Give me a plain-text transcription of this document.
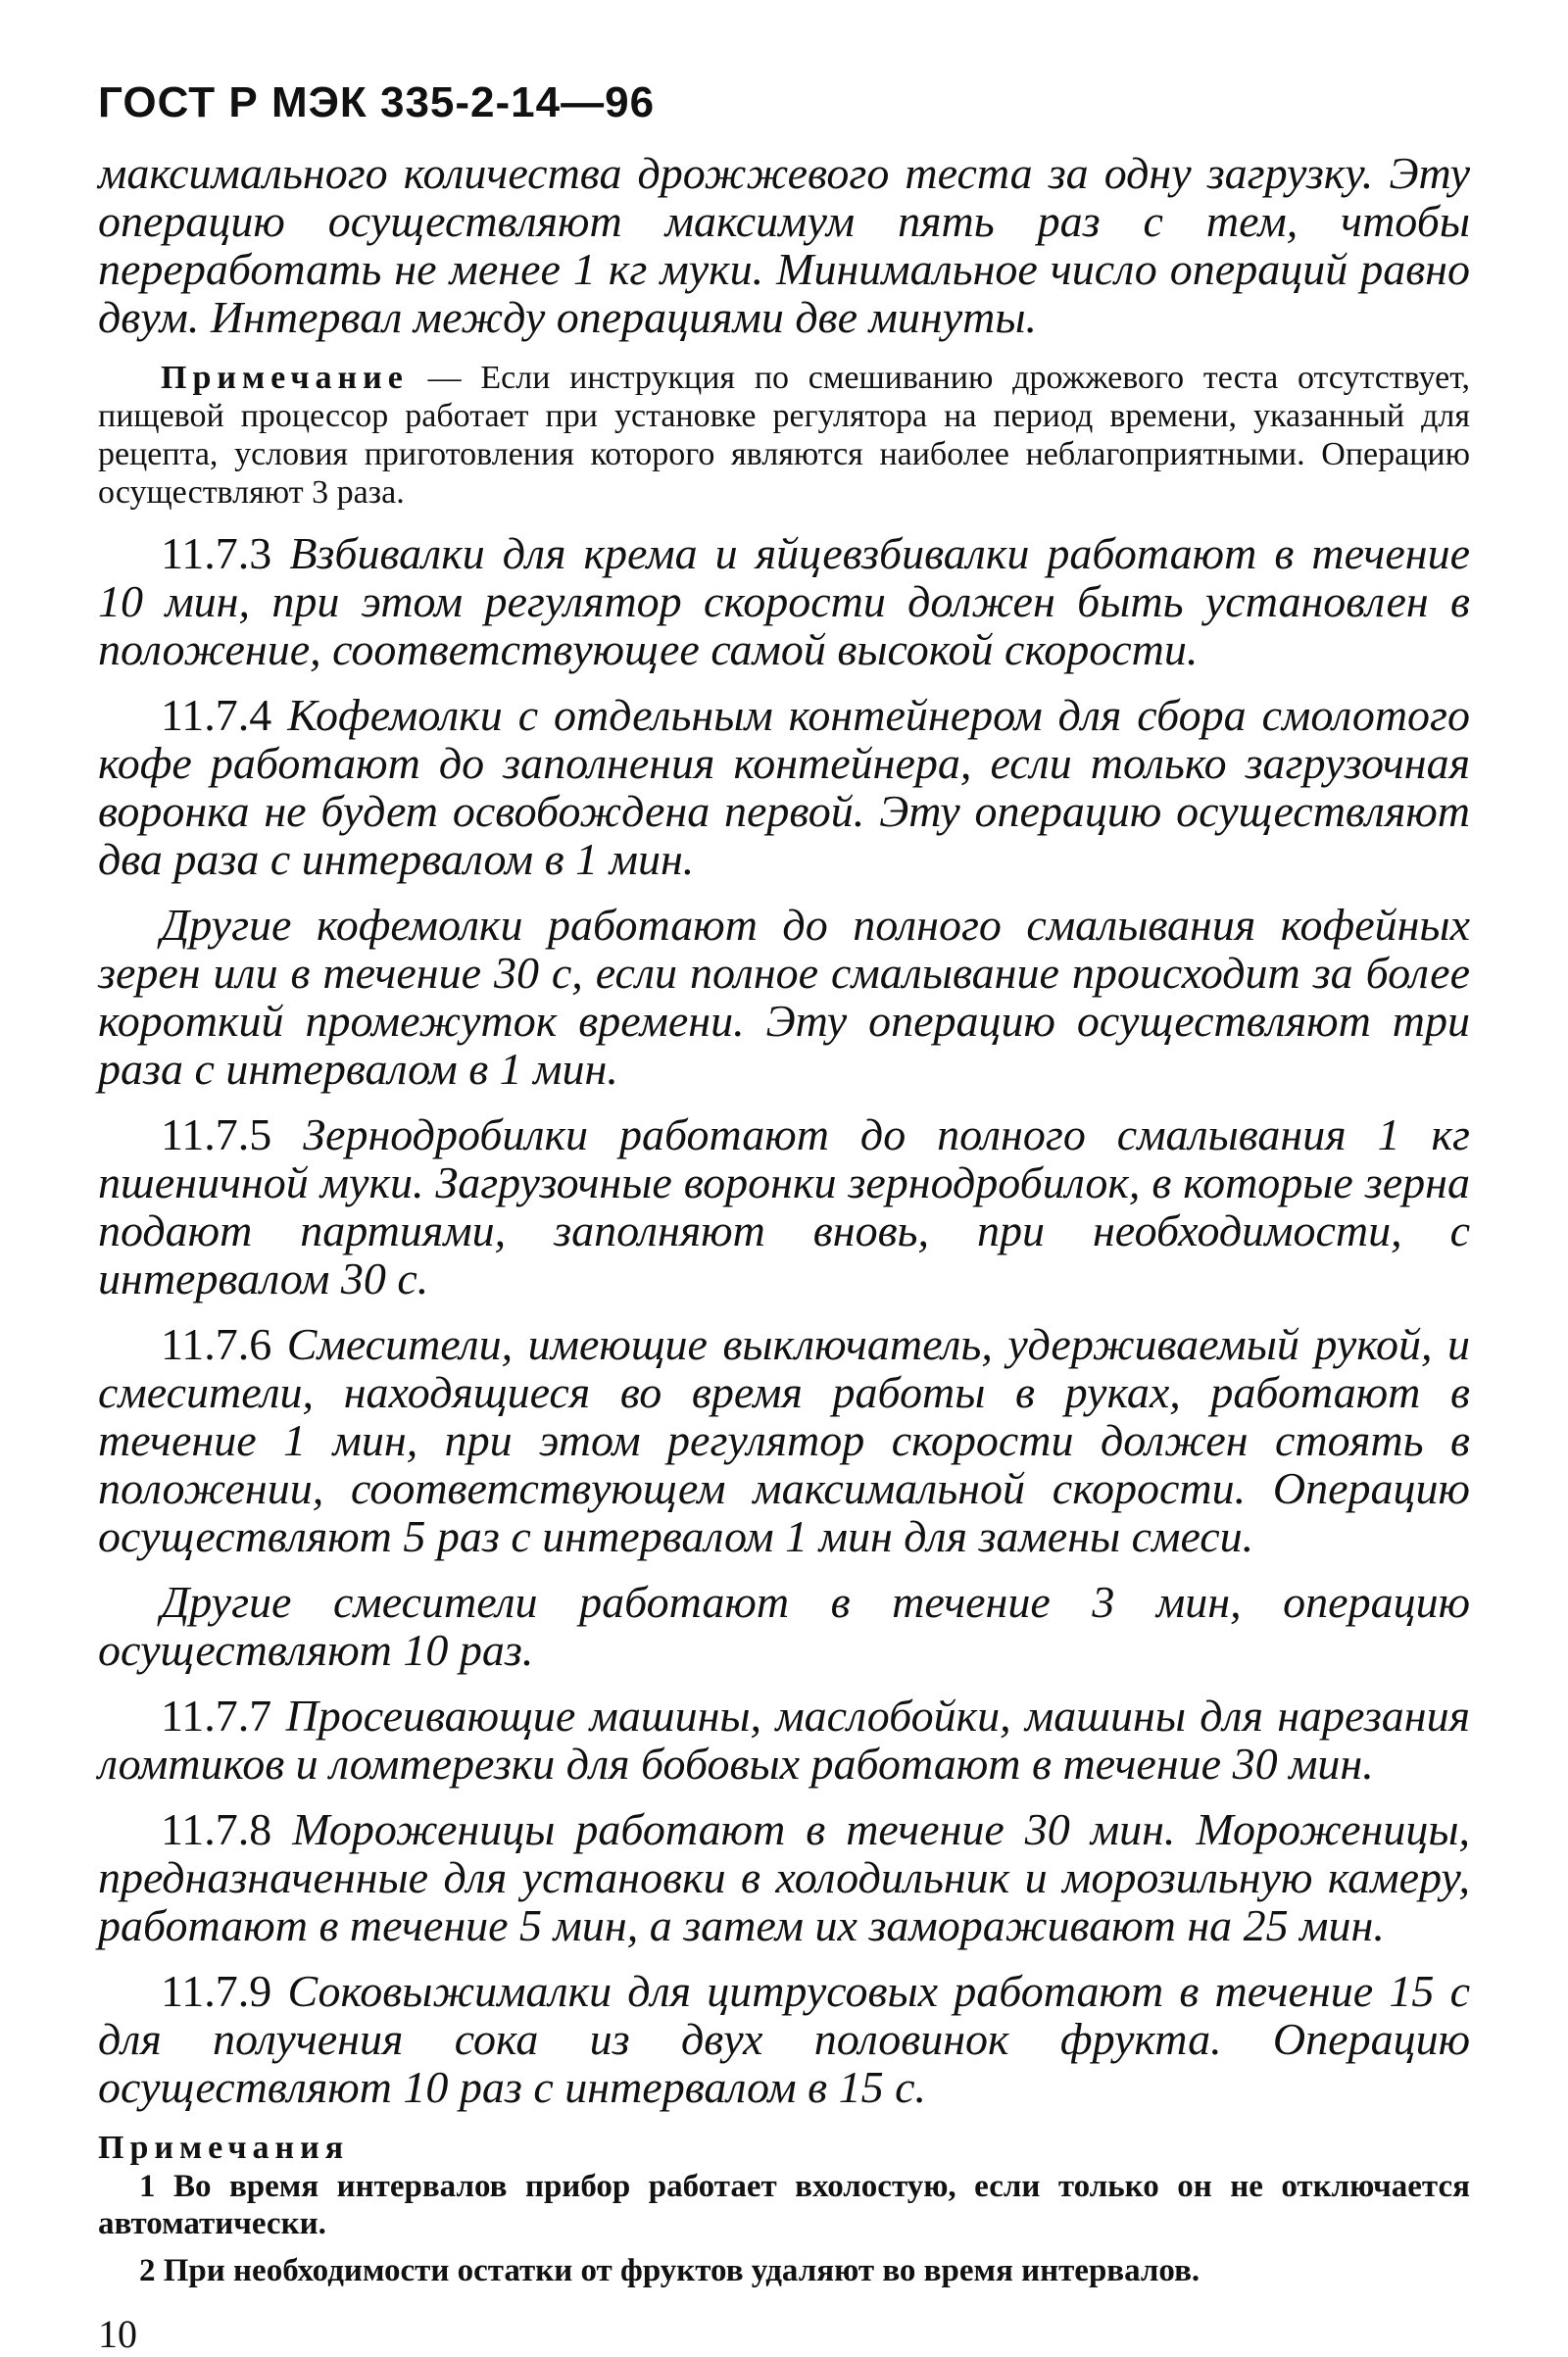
ГОСТ Р МЭК 335-2-14—96

максимального количества дрожжевого теста за одну загрузку. Эту операцию осуществляют максимум пять раз с тем, чтобы переработать не менее 1 кг муки. Минимальное число операций равно двум. Интервал между операциями две минуты.

Примечание — Если инструкция по смешиванию дрожжевого теста отсутствует, пищевой процессор работает при установке регулятора на период времени, указанный для рецепта, условия приготовления которого являются наиболее неблагоприятными. Операцию осуществляют 3 раза.

11.7.3 Взбивалки для крема и яйцевзбивалки работают в течение 10 мин, при этом регулятор скорости должен быть установлен в положение, соответствующее самой высокой скорости.

11.7.4 Кофемолки с отдельным контейнером для сбора смолотого кофе работают до заполнения контейнера, если только загрузочная воронка не будет освобождена первой. Эту операцию осуществляют два раза с интервалом в 1 мин.

Другие кофемолки работают до полного смалывания кофейных зерен или в течение 30 с, если полное смалывание происходит за более короткий промежуток времени. Эту операцию осуществляют три раза с интервалом в 1 мин.

11.7.5 Зернодробилки работают до полного смалывания 1 кг пшеничной муки. Загрузочные воронки зернодробилок, в которые зерна подают партиями, заполняют вновь, при необходимости, с интервалом 30 с.

11.7.6 Смесители, имеющие выключатель, удерживаемый рукой, и смесители, находящиеся во время работы в руках, работают в течение 1 мин, при этом регулятор скорости должен стоять в положении, соответствующем максимальной скорости. Операцию осуществляют 5 раз с интервалом 1 мин для замены смеси.

Другие смесители работают в течение 3 мин, операцию осуществляют 10 раз.

11.7.7 Просеивающие машины, маслобойки, машины для нарезания ломтиков и ломтерезки для бобовых работают в течение 30 мин.

11.7.8 Мороженицы работают в течение 30 мин. Мороженицы, предназначенные для установки в холодильник и морозильную камеру, работают в течение 5 мин, а затем их замораживают на 25 мин.

11.7.9 Соковыжималки для цитрусовых работают в течение 15 с для получения сока из двух половинок фрукта. Операцию осуществляют 10 раз с интервалом в 15 с.

Примечания

1 Во время интервалов прибор работает вхолостую, если только он не отключается автоматически.

2 При необходимости остатки от фруктов удаляют во время интервалов.

10
